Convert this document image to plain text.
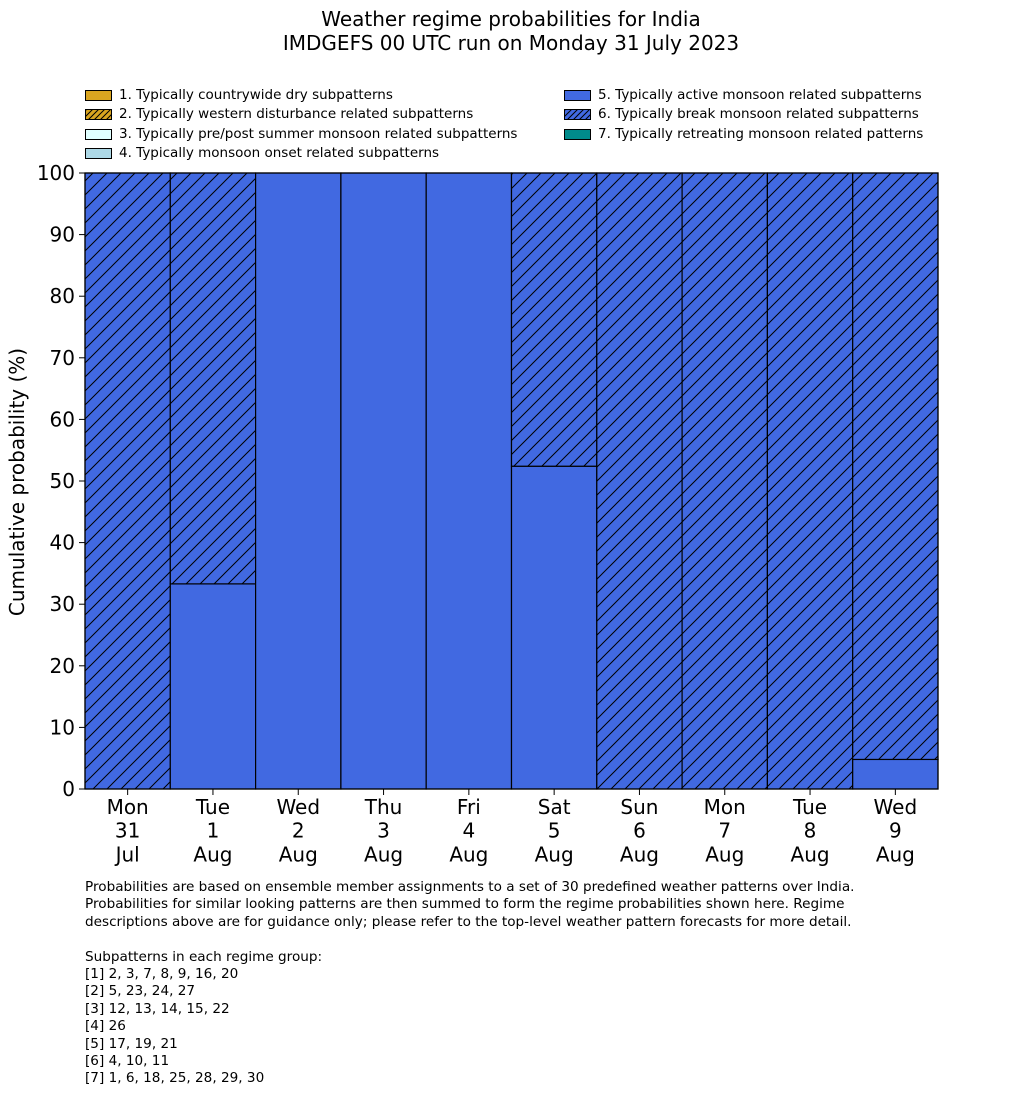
Weather regime probabilities for India
IMDGEFS 00 UTC run on Monday 31 July 2023
1. Typically countrywide dry subpatterns
2. Typically western disturbance related subpatterns
3. Typically pre/post summer monsoon related subpatterns
4. Typically monsoon onset related subpatterns
5. Typically active monsoon related subpatterns
6. Typically break monsoon related subpatterns
7. Typically retreating monsoon related patterns
0
10
20
30
40
50
60
70
80
90
100
Mon
31
Jul
Tue
1
Aug
Wed
2
Aug
Thu
3
Aug
Fri
4
Aug
Sat
5
Aug
Sun
6
Aug
Mon
7
Aug
Tue
8
Aug
Wed
9
Aug
Cumulative probability (%)
Probabilities are based on ensemble member assignments to a set of 30 predefined weather patterns over India.
Probabilities for similar looking patterns are then summed to form the regime probabilities shown here. Regime
descriptions above are for guidance only; please refer to the top-level weather pattern forecasts for more detail.
Subpatterns in each regime group:
[1] 2, 3, 7, 8, 9, 16, 20
[2] 5, 23, 24, 27
[3] 12, 13, 14, 15, 22
[4] 26
[5] 17, 19, 21
[6] 4, 10, 11
[7] 1, 6, 18, 25, 28, 29, 30
